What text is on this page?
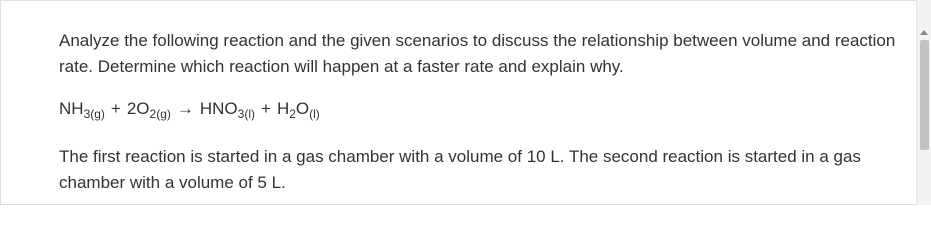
Analyze the following reaction and the given scenarios to discuss the relationship between volume and reaction rate. Determine which reaction will happen at a faster rate and explain why.

$NH_{3(g)} + 2O_{2(g)} \to HNO_{3(l)} + H_2O_{(l)}$

The first reaction is started in a gas chamber with a volume of 10 L. The second reaction is started in a gas chamber with a volume of 5 L.
